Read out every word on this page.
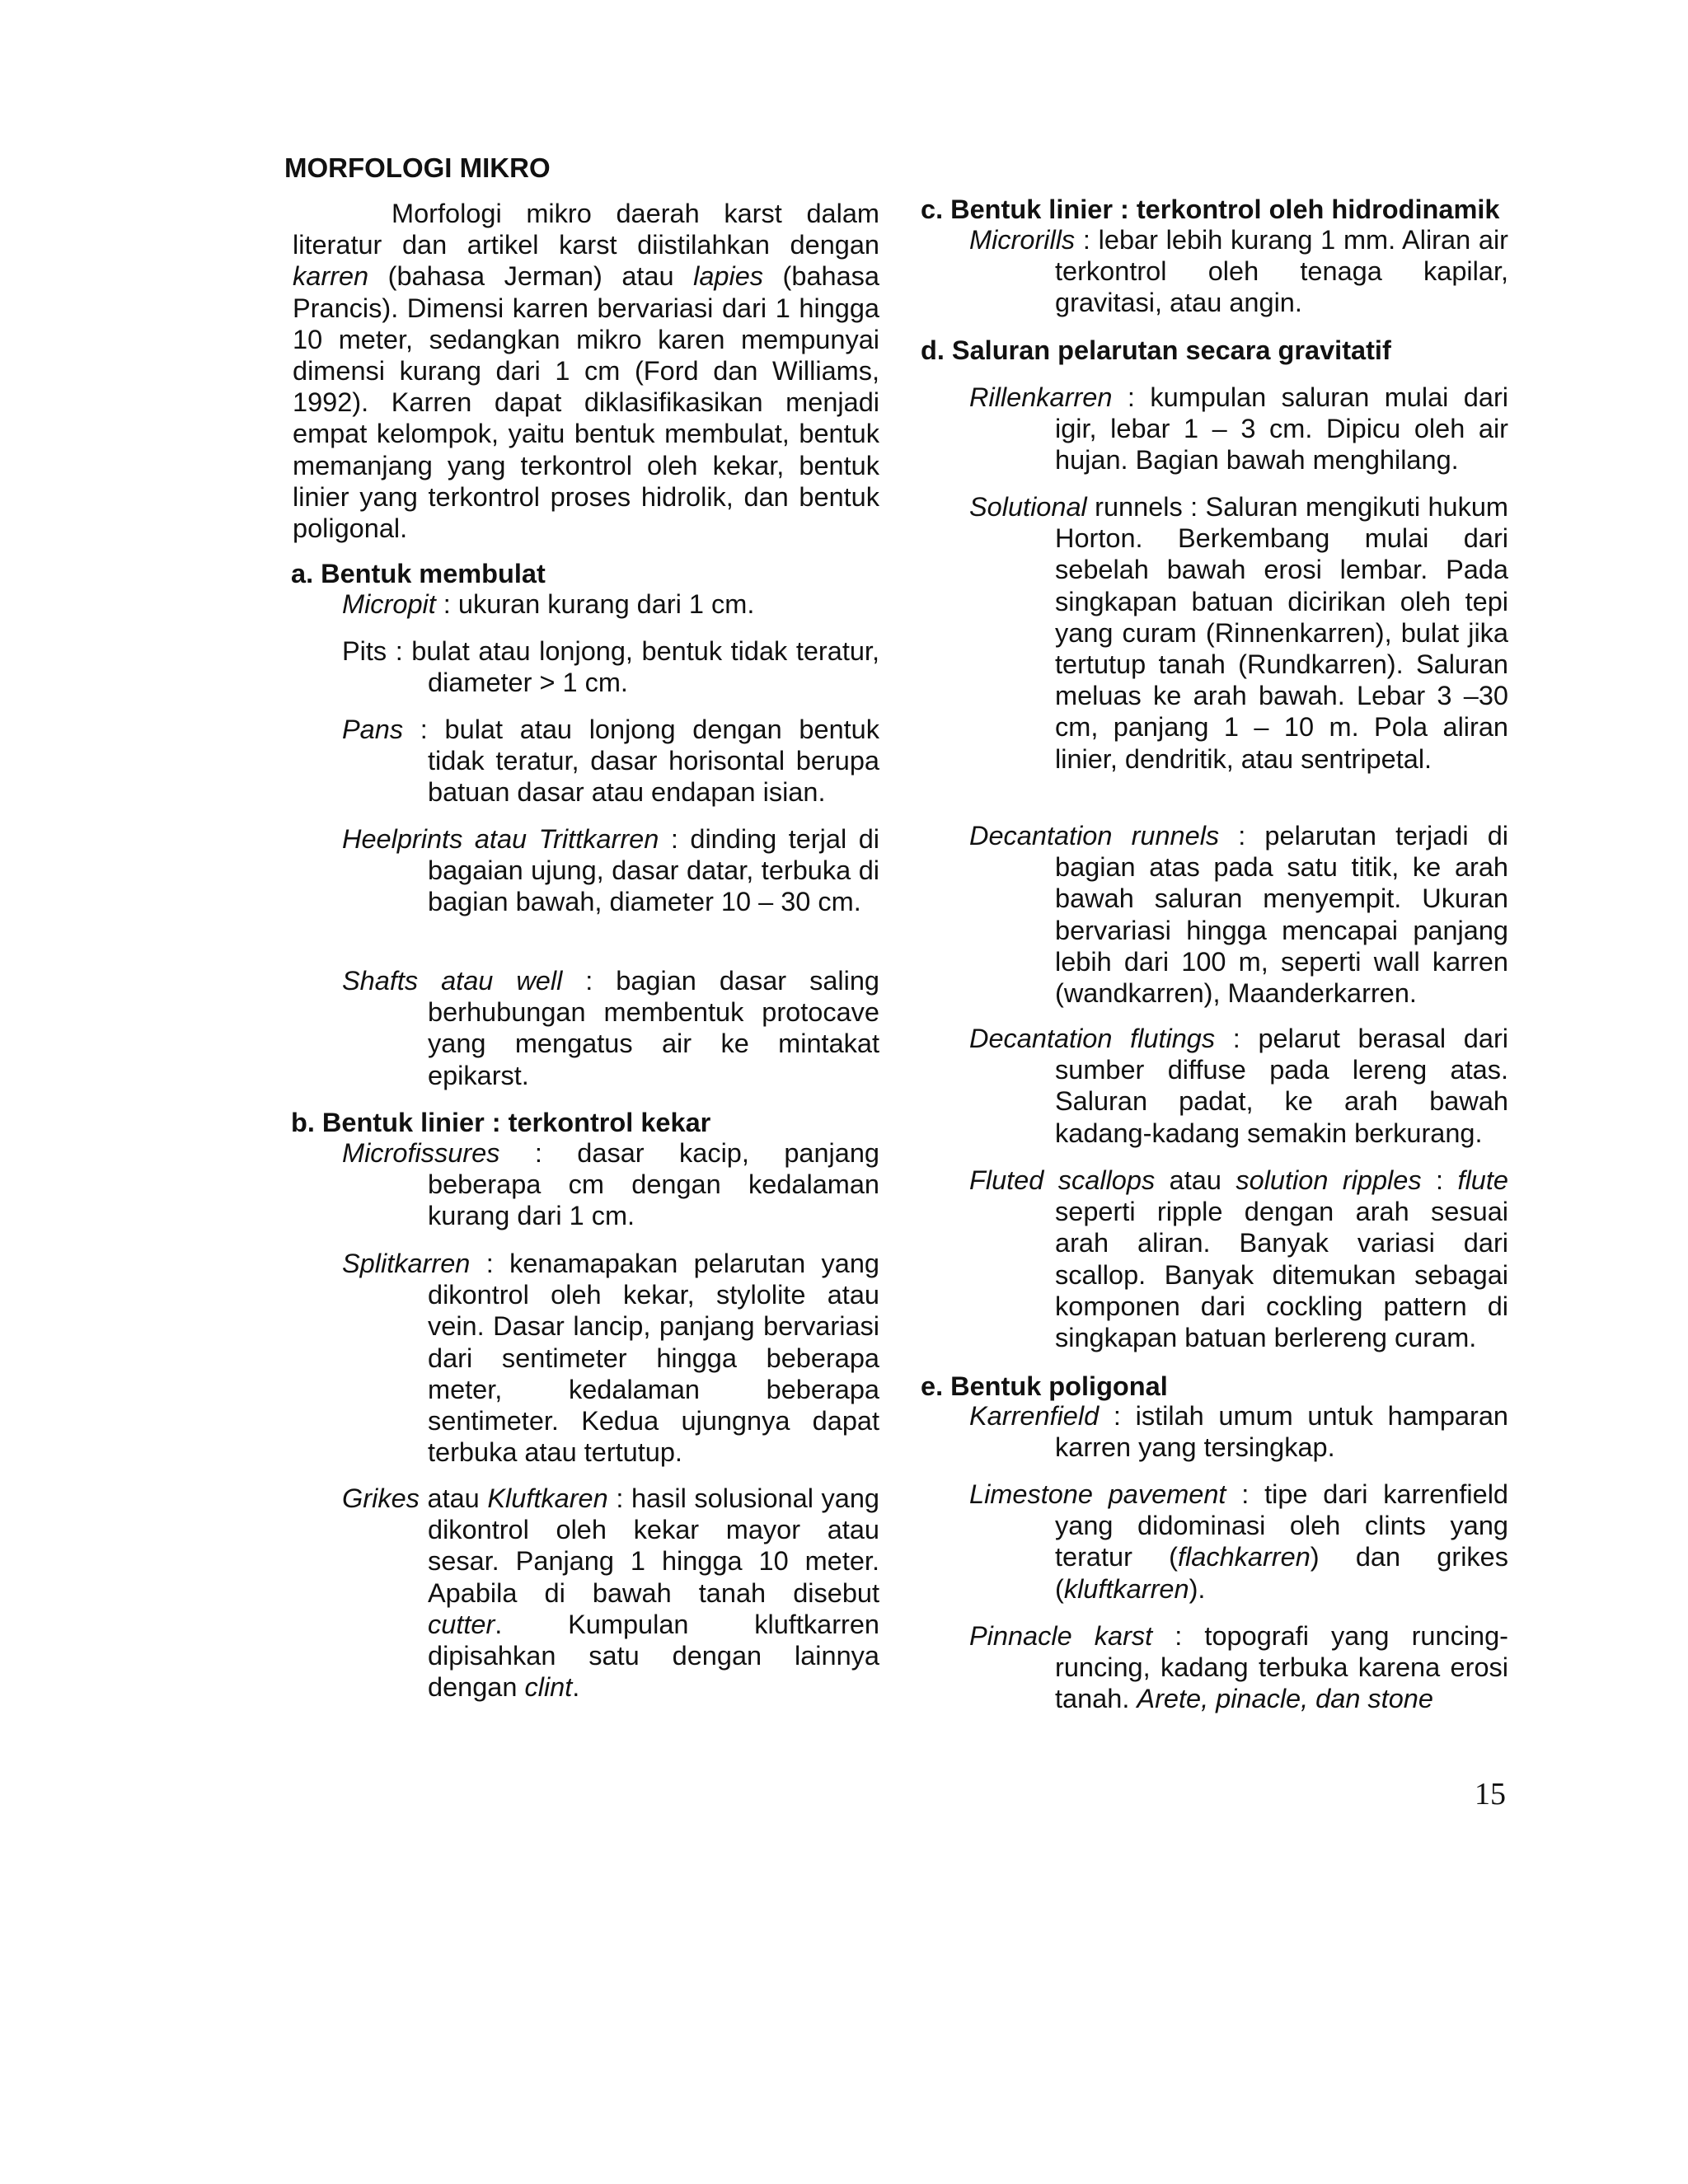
MORFOLOGI MIKRO
Morfologi mikro daerah karst dalam literatur dan artikel karst diistilahkan dengan karren (bahasa Jerman) atau lapies (bahasa Prancis). Dimensi karren bervariasi dari 1 hingga 10 meter, sedangkan mikro karen mempunyai dimensi kurang dari 1 cm (Ford dan Williams, 1992). Karren dapat diklasifikasikan menjadi empat kelompok, yaitu bentuk membulat, bentuk memanjang yang terkontrol oleh kekar, bentuk linier yang terkontrol proses hidrolik, dan bentuk poligonal.
a. Bentuk membulat
Micropit : ukuran kurang dari 1 cm.
Pits : bulat atau lonjong, bentuk tidak teratur, diameter > 1 cm.
Pans : bulat atau lonjong dengan bentuk tidak teratur, dasar horisontal berupa batuan dasar atau endapan isian.
Heelprints atau Trittkarren : dinding terjal di bagaian ujung, dasar datar, terbuka di bagian bawah, diameter 10 – 30 cm.
Shafts atau well : bagian dasar saling berhubungan membentuk protocave yang mengatus air ke mintakat epikarst.
b. Bentuk linier : terkontrol kekar
Microfissures : dasar kacip, panjang beberapa cm dengan kedalaman kurang dari 1 cm.
Splitkarren : kenamapakan pelarutan yang dikontrol oleh kekar, stylolite atau vein. Dasar lancip, panjang bervariasi dari sentimeter hingga beberapa meter, kedalaman beberapa sentimeter. Kedua ujungnya dapat terbuka atau tertutup.
Grikes atau Kluftkaren : hasil solusional yang dikontrol oleh kekar mayor atau sesar. Panjang 1 hingga 10 meter. Apabila di bawah tanah disebut cutter. Kumpulan kluftkarren dipisahkan satu dengan lainnya dengan clint.
c. Bentuk linier : terkontrol oleh hidrodinamik
Microrills : lebar lebih kurang 1 mm. Aliran air terkontrol oleh tenaga kapilar, gravitasi, atau angin.
d. Saluran pelarutan secara gravitatif
Rillenkarren : kumpulan saluran mulai dari igir, lebar 1 – 3 cm. Dipicu oleh air hujan. Bagian bawah menghilang.
Solutional runnels : Saluran mengikuti hukum Horton. Berkembang mulai dari sebelah bawah erosi lembar. Pada singkapan batuan dicirikan oleh tepi yang curam (Rinnenkarren), bulat jika tertutup tanah (Rundkarren). Saluran meluas ke arah bawah. Lebar 3 –30 cm, panjang 1 – 10 m. Pola aliran linier, dendritik, atau sentripetal.
Decantation runnels : pelarutan terjadi di bagian atas pada satu titik, ke arah bawah saluran menyempit. Ukuran bervariasi hingga mencapai panjang lebih dari 100 m, seperti wall karren (wandkarren), Maanderkarren.
Decantation flutings : pelarut berasal dari sumber diffuse pada lereng atas. Saluran padat, ke arah bawah kadang-kadang semakin berkurang.
Fluted scallops atau solution ripples : flute seperti ripple dengan arah sesuai arah aliran. Banyak variasi dari scallop. Banyak ditemukan sebagai komponen dari cockling pattern di singkapan batuan berlereng curam.
e. Bentuk poligonal
Karrenfield : istilah umum untuk hamparan karren yang tersingkap.
Limestone pavement : tipe dari karrenfield yang didominasi oleh clints yang teratur (flachkarren) dan grikes (kluftkarren).
Pinnacle karst : topografi yang runcing-runcing, kadang terbuka karena erosi tanah. Arete, pinacle, dan stone
15
